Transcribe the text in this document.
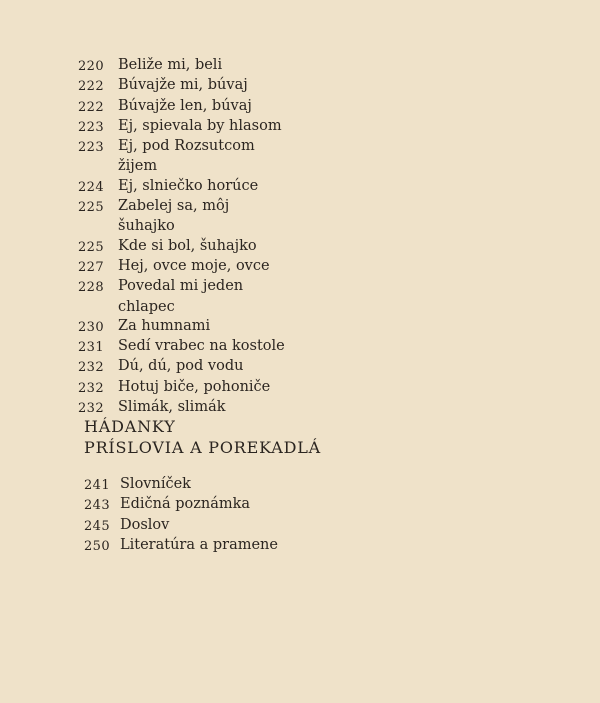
220 Beliže mi, beli
222 Búvajže mi, búvaj
222 Búvajže len, búvaj
223 Ej, spievala by hlasom
223 Ej, pod Rozsutcom
žijem
224 Ej, slniečko horúce
225 Zabelej sa, môj
šuhajko
225 Kde si bol, šuhajko
227 Hej, ovce moje, ovce
228 Povedal mi jeden
chlapec
230 Za humnami
231 Sedí vrabec na kostole
232 Dú, dú, pod vodu
232 Hotuj biče, pohoniče
232 Slimák, slimák
HÁDANKY
PRÍSLOVIA A POREKADLÁ
241 Slovníček
243 Edičná poznámka
245 Doslov
250 Literatúra a pramene
